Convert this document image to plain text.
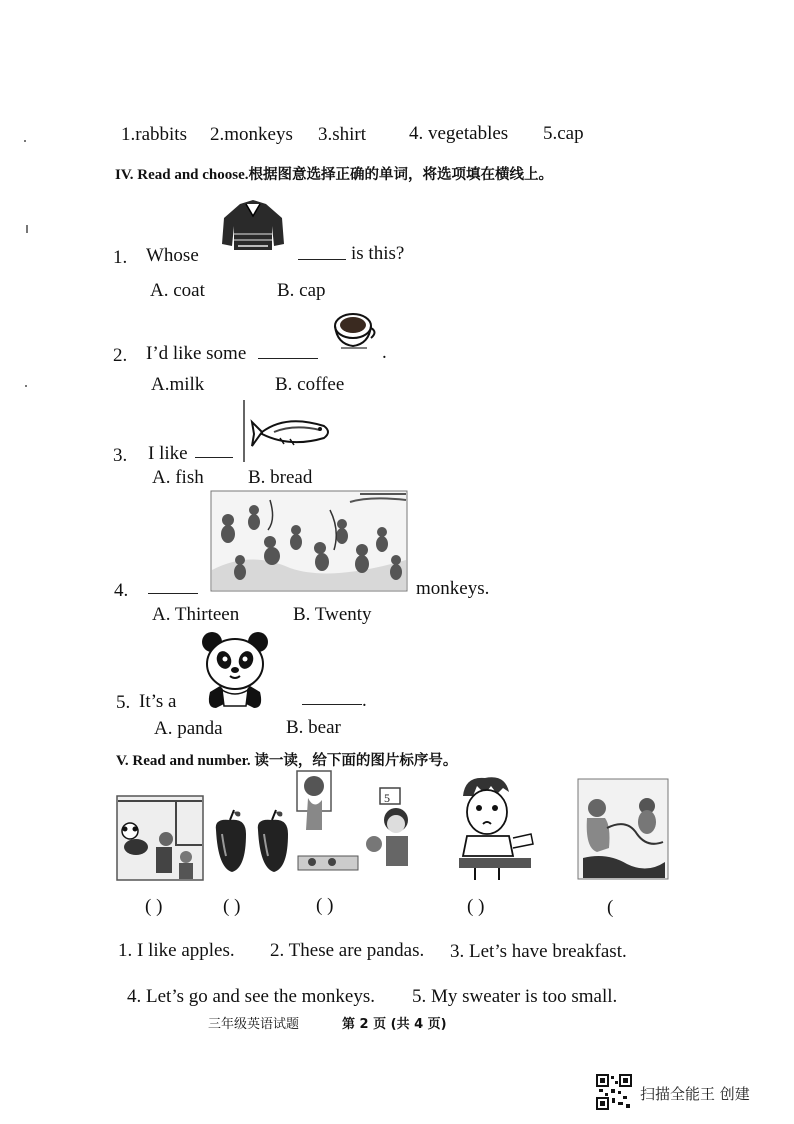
1.rabbits 2.monkeys 3.shirt 4. vegetables 5.cap
IV. Read and choose.根据图意选择正确的单词，将选项填在横线上。
1. Whose	is this?
A. coat	B. cap
2. I’d like some	.
A.milk	B. coffee
3. I like
A. fish B. bread
4.	monkeys.
A. Thirteen	B. Twenty
5. It’s a	.
A. panda	B. bear
V. Read and number. 读一读，给下面的图片标序号。
5
( )	( )	( )	( )	(
1. I like apples. 2. These are pandas. 3. Let’s have breakfast.
4. Let’s go and see the monkeys. 5. My sweater is too small.
三年级英语试题	第 2 页 (共 4 页)
扫描全能王 创建
